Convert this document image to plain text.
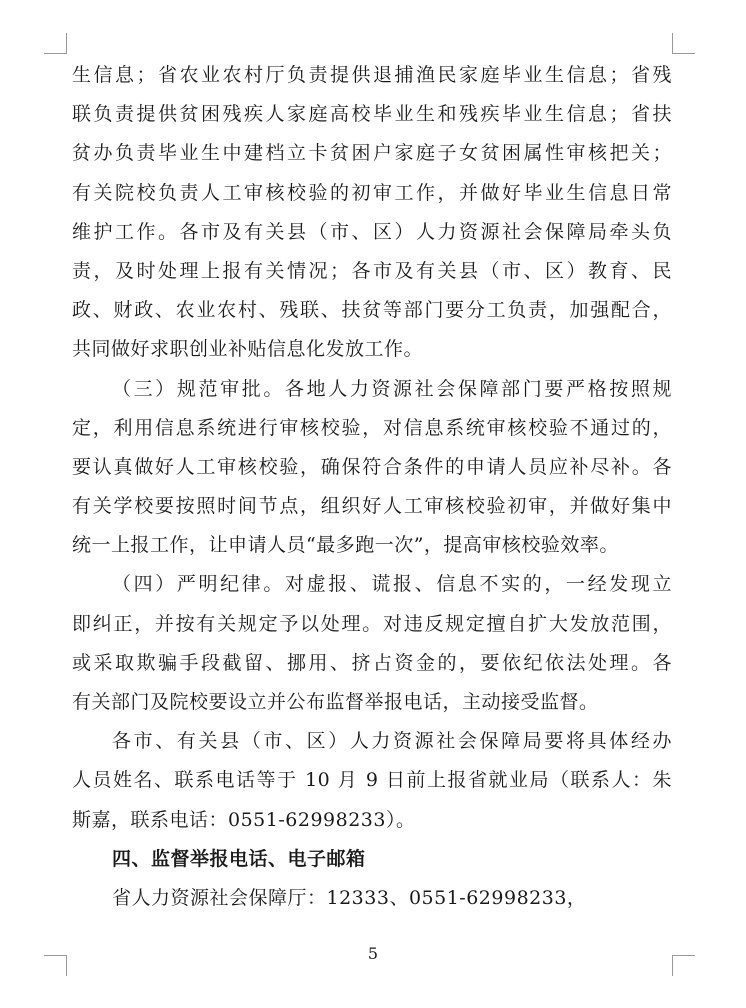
生信息；省农业农村厅负责提供退捕渔民家庭毕业生信息；省残
联负责提供贫困残疾人家庭高校毕业生和残疾毕业生信息；省扶
贫办负责毕业生中建档立卡贫困户家庭子女贫困属性审核把关；
有关院校负责人工审核校验的初审工作，并做好毕业生信息日常
维护工作。各市及有关县（市、区）人力资源社会保障局牵头负
责，及时处理上报有关情况；各市及有关县（市、区）教育、民
政、财政、农业农村、残联、扶贫等部门要分工负责，加强配合，
共同做好求职创业补贴信息化发放工作。
（三）规范审批。各地人力资源社会保障部门要严格按照规
定，利用信息系统进行审核校验，对信息系统审核校验不通过的，
要认真做好人工审核校验，确保符合条件的申请人员应补尽补。各
有关学校要按照时间节点，组织好人工审核校验初审，并做好集中
统一上报工作，让申请人员“最多跑一次”，提高审核校验效率。
（四）严明纪律。对虚报、谎报、信息不实的，一经发现立
即纠正，并按有关规定予以处理。对违反规定擅自扩大发放范围，
或采取欺骗手段截留、挪用、挤占资金的，要依纪依法处理。各
有关部门及院校要设立并公布监督举报电话，主动接受监督。
各市、有关县（市、区）人力资源社会保障局要将具体经办
人员姓名、联系电话等于 10 月 9 日前上报省就业局（联系人：朱
斯嘉，联系电话：0551-62998233）。
四、监督举报电话、电子邮箱
省人力资源社会保障厅：12333、0551-62998233，
5
